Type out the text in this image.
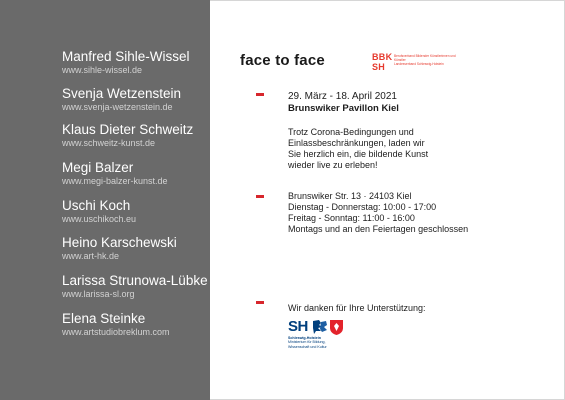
Manfred Sihle-Wissel
www.sihle-wissel.de
Svenja Wetzenstein
www.svenja-wetzenstein.de
Klaus Dieter Schweitz
www.schweitz-kunst.de
Megi Balzer
www.megi-balzer-kunst.de
Uschi Koch
www.uschikoch.eu
Heino Karschewski
www.art-hk.de
Larissa Strunowa-Lübke
www.larissa-sl.org
Elena Steinke
www.artstudiobreklum.com
face to face	BBK
SH
Berufsverband Bildender Künstlerinnen und Künstler
Landesverband Schleswig-Holstein
29. März - 18. April 2021
Brunswiker Pavillon Kiel
Trotz Corona-Bedingungen und
Einlassbeschränkungen, laden wir
Sie herzlich ein, die bildende Kunst
wieder live zu erleben!
Brunswiker Str. 13 · 24103 Kiel
Dienstag - Donnerstag: 10:00 - 17:00
Freitag - Sonntag: 11:00 - 16:00
Montags und an den Feiertagen geschlossen
Wir danken für Ihre Unterstützung:
SH
Schleswig-Holstein
Ministerium für Bildung,
Wissenschaft und Kultur
